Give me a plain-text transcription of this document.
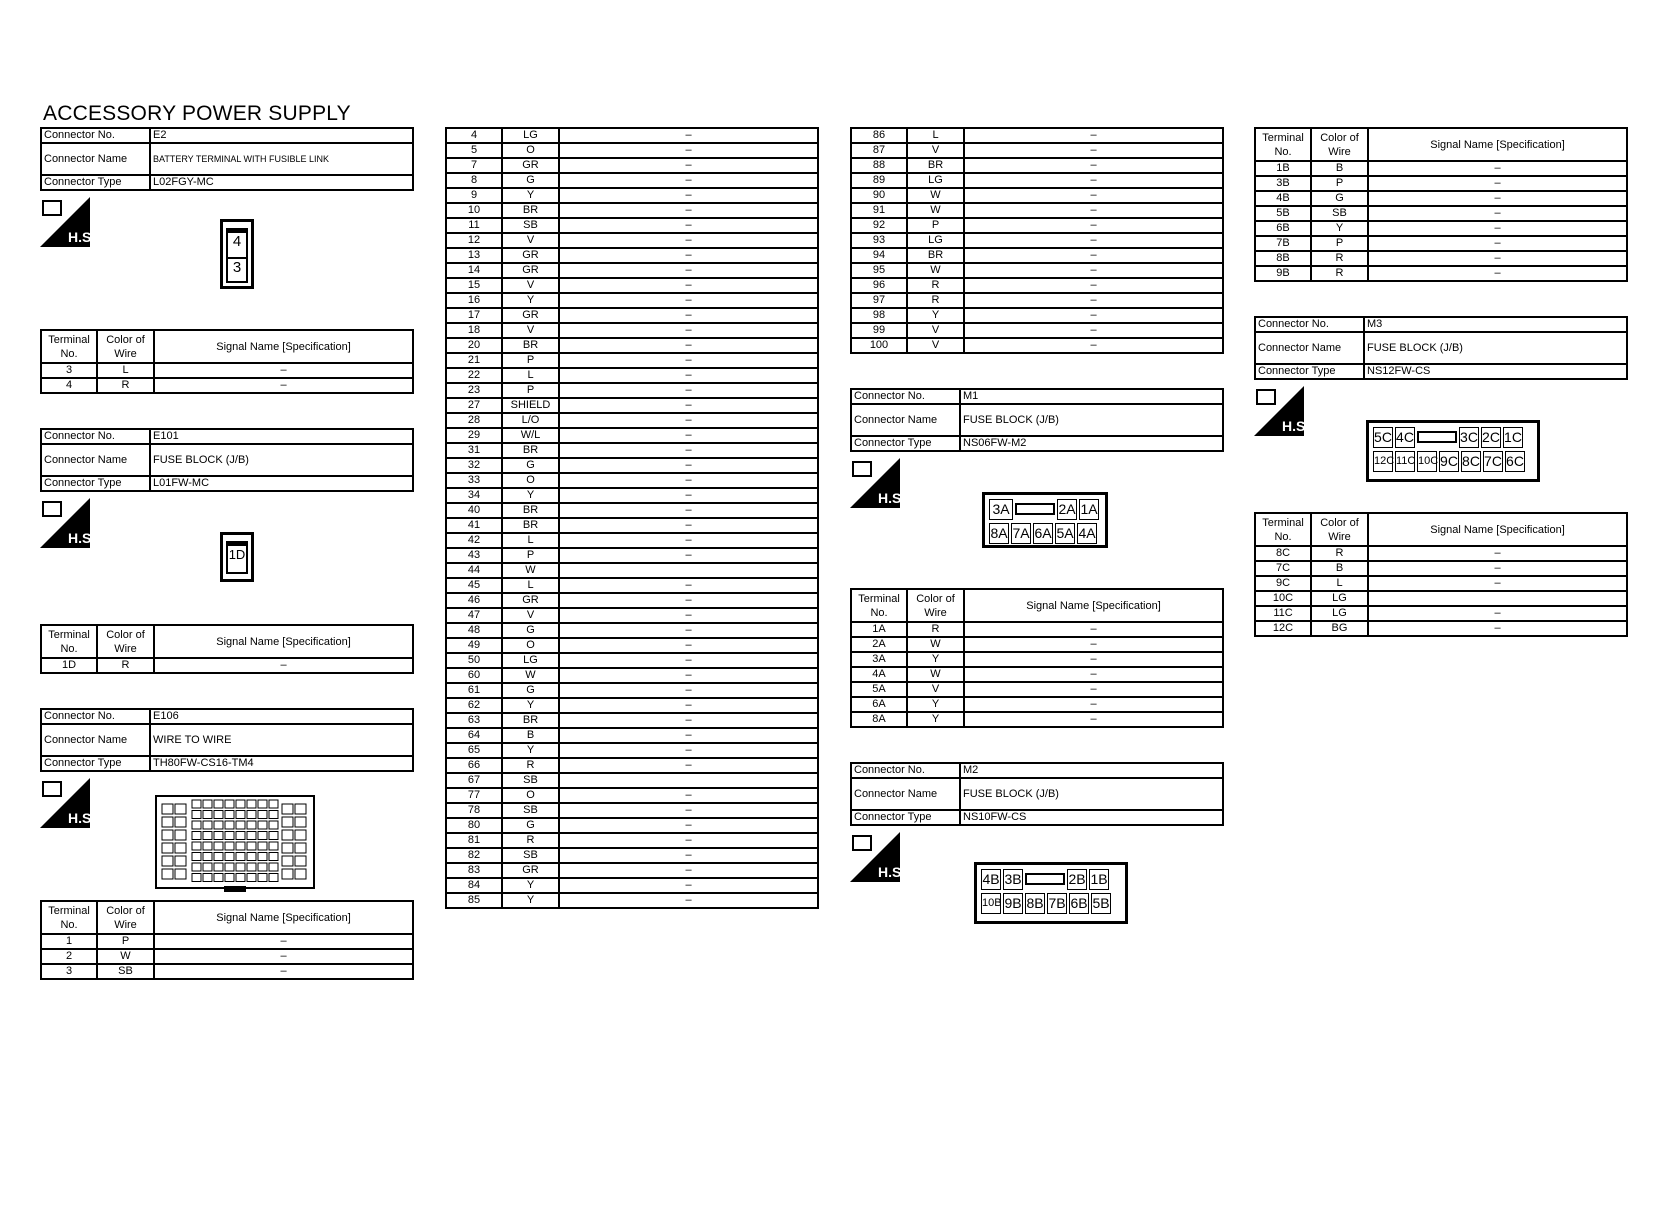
ACCESSORY POWER SUPPLY
Connector No.	E2
Connector Name	BATTERY TERMINAL WITH FUSIBLE LINK
Connector Type	L02FGY-MC
H.S.	4
3
Terminal No.	Color of Wire	Signal Name [Specification]
3	L	–
4	R	–
Connector No.	E101
Connector Name	FUSE BLOCK (J/B)
Connector Type	L01FW-MC
H.S.
1D
Terminal No.	Color of Wire	Signal Name [Specification]
1D	R	–
Connector No.	E106
Connector Name	WIRE TO WIRE
Connector Type	TH80FW-CS16-TM4
H.S.
Terminal No.	Color of Wire	Signal Name [Specification]
1	P	–
2	W	–
3	SB	–
4	LG	–
5	O	–
7	GR	–
8	G	–
9	Y	–
10	BR	–
11	SB	–
12	V	–
13	GR	–
14	GR	–
15	V	–
16	Y	–
17	GR	–
18	V	–
20	BR	–
21	P	–
22	L	–
23	P	–
27	SHIELD	–
28	L/O	–
29	W/L	–
31	BR	–
32	G	–
33	O	–
34	Y	–
40	BR	–
41	BR	–
42	L	–
43	P	–
44	W	
45	L	–
46	GR	–
47	V	–
48	G	–
49	O	–
50	LG	–
60	W	–
61	G	–
62	Y	–
63	BR	–
64	B	–
65	Y	–
66	R	–
67	SB	
77	O	–
78	SB	–
80	G	–
81	R	–
82	SB	–
83	GR	–
84	Y	–
85	Y	–
86	L	–
87	V	–
88	BR	–
89	LG	–
90	W	–
91	W	–
92	P	–
93	LG	–
94	BR	–
95	W	–
96	R	–
97	R	–
98	Y	–
99	V	–
100	V	–
Connector No.	M1
Connector Name	FUSE BLOCK (J/B)
Connector Type	NS06FW-M2
H.S.
3A	2A 1A
8A 7A 6A 5A 4A
Terminal No.	Color of Wire	Signal Name [Specification]
1A	R	–
2A	W	–
3A	Y	–
4A	W	–
5A	V	–
6A	Y	–
8A	Y	–
Connector No.	M2
Connector Name	FUSE BLOCK (J/B)
Connector Type	NS10FW-CS
H.S.	4B 3B	2B 1B
10B 9B 8B 7B 6B 5B
Terminal No.	Color of Wire	Signal Name [Specification]
1B	B	–
3B	P	–
4B	G	–
5B	SB	–
6B	Y	–
7B	P	–
8B	R	–
9B	R	–
Connector No.	M3
Connector Name	FUSE BLOCK (J/B)
Connector Type	NS12FW-CS
H.S.
5C 4C	3C 2C 1C
12C 11C 10C 9C 8C 7C 6C
Terminal No.	Color of Wire	Signal Name [Specification]
8C	R	–
7C	B	–
9C	L	–
10C	LG	
11C	LG	–
12C	BG	–
